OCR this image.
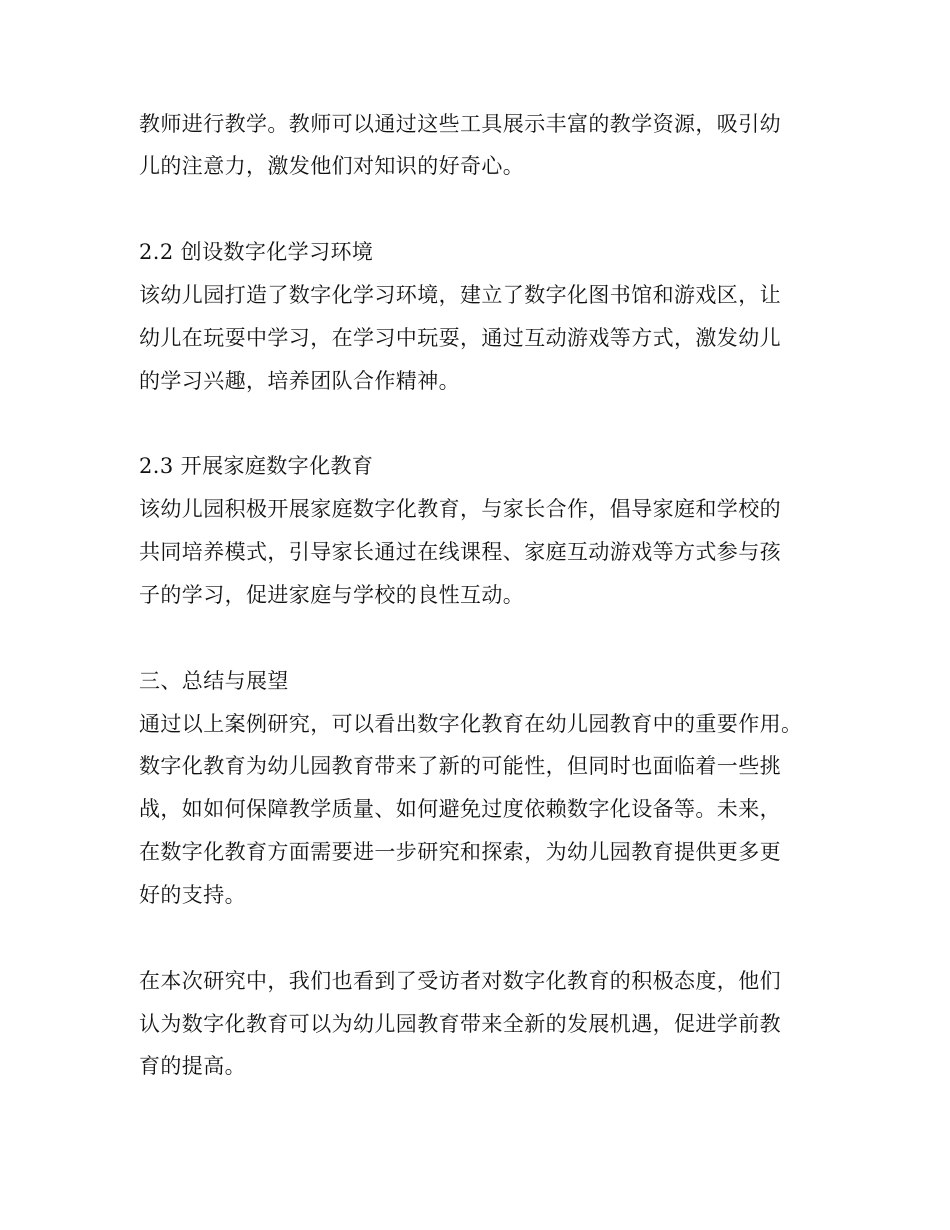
教师进行教学。教师可以通过这些工具展示丰富的教学资源，吸引幼
儿的注意力，激发他们对知识的好奇心。
2.2 创设数字化学习环境
该幼儿园打造了数字化学习环境，建立了数字化图书馆和游戏区，让
幼儿在玩耍中学习，在学习中玩耍，通过互动游戏等方式，激发幼儿
的学习兴趣，培养团队合作精神。
2.3 开展家庭数字化教育
该幼儿园积极开展家庭数字化教育，与家长合作，倡导家庭和学校的
共同培养模式，引导家长通过在线课程、家庭互动游戏等方式参与孩
子的学习，促进家庭与学校的良性互动。
三、总结与展望
通过以上案例研究，可以看出数字化教育在幼儿园教育中的重要作用。
数字化教育为幼儿园教育带来了新的可能性，但同时也面临着一些挑
战，如如何保障教学质量、如何避免过度依赖数字化设备等。未来，
在数字化教育方面需要进一步研究和探索，为幼儿园教育提供更多更
好的支持。
在本次研究中，我们也看到了受访者对数字化教育的积极态度，他们
认为数字化教育可以为幼儿园教育带来全新的发展机遇，促进学前教
育的提高。
